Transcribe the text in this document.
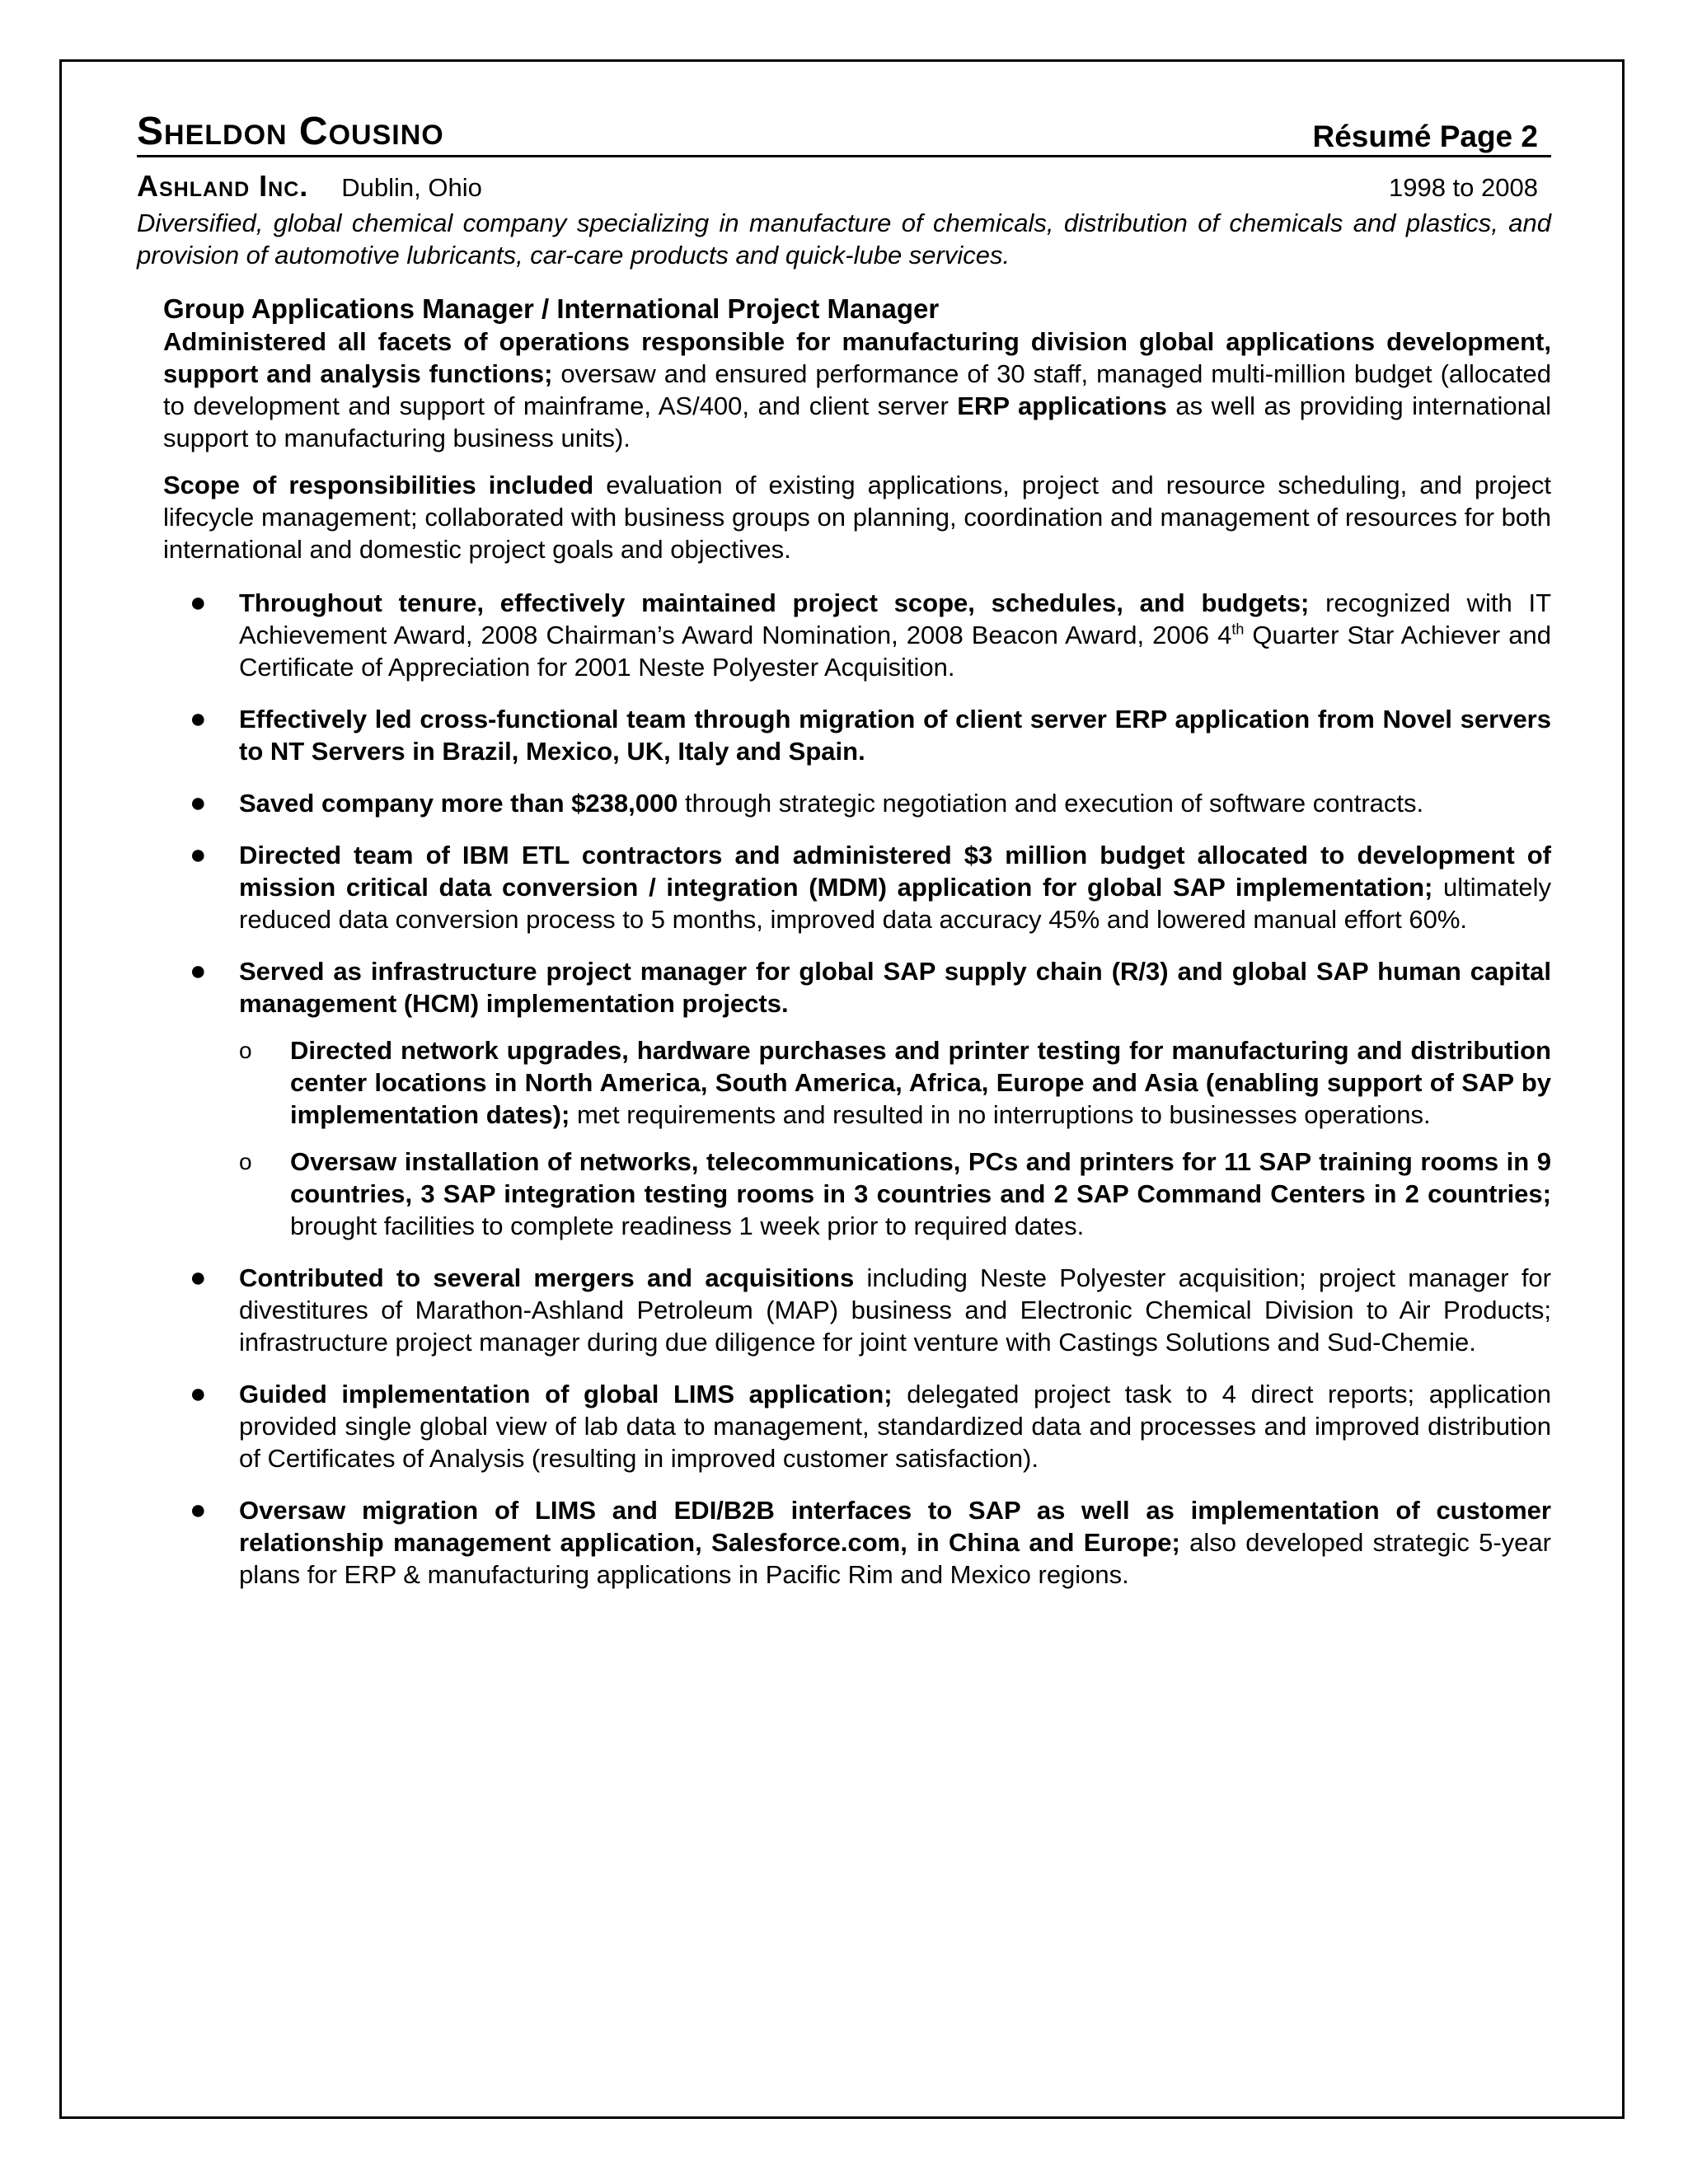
Sheldon Cousino	Résumé Page 2
Ashland Inc. Dublin, Ohio	1998 to 2008
Diversified, global chemical company specializing in manufacture of chemicals, distribution of chemicals and plastics, and provision of automotive lubricants, car-care products and quick-lube services.
Group Applications Manager / International Project Manager

Administered all facets of operations responsible for manufacturing division global applications development, support and analysis functions; oversaw and ensured performance of 30 staff, managed multi-million budget (allocated to development and support of mainframe, AS/400, and client server ERP applications as well as providing international support to manufacturing business units).

Scope of responsibilities included evaluation of existing applications, project and resource scheduling, and project lifecycle management; collaborated with business groups on planning, coordination and management of resources for both international and domestic project goals and objectives.

● Throughout tenure, effectively maintained project scope, schedules, and budgets; recognized with IT Achievement Award, 2008 Chairman’s Award Nomination, 2008 Beacon Award, 2006 4th Quarter Star Achiever and Certificate of Appreciation for 2001 Neste Polyester Acquisition.
● Effectively led cross-functional team through migration of client server ERP application from Novel servers to NT Servers in Brazil, Mexico, UK, Italy and Spain.
● Saved company more than $238,000 through strategic negotiation and execution of software contracts.
● Directed team of IBM ETL contractors and administered $3 million budget allocated to development of mission critical data conversion / integration (MDM) application for global SAP implementation; ultimately reduced data conversion process to 5 months, improved data accuracy 45% and lowered manual effort 60%.
● Served as infrastructure project manager for global SAP supply chain (R/3) and global SAP human capital management (HCM) implementation projects.
o Directed network upgrades, hardware purchases and printer testing for manufacturing and distribution center locations in North America, South America, Africa, Europe and Asia (enabling support of SAP by implementation dates); met requirements and resulted in no interruptions to businesses operations.
o Oversaw installation of networks, telecommunications, PCs and printers for 11 SAP training rooms in 9 countries, 3 SAP integration testing rooms in 3 countries and 2 SAP Command Centers in 2 countries; brought facilities to complete readiness 1 week prior to required dates.
● Contributed to several mergers and acquisitions including Neste Polyester acquisition; project manager for divestitures of Marathon-Ashland Petroleum (MAP) business and Electronic Chemical Division to Air Products; infrastructure project manager during due diligence for joint venture with Castings Solutions and Sud-Chemie.
● Guided implementation of global LIMS application; delegated project task to 4 direct reports; application provided single global view of lab data to management, standardized data and processes and improved distribution of Certificates of Analysis (resulting in improved customer satisfaction).
● Oversaw migration of LIMS and EDI/B2B interfaces to SAP as well as implementation of customer relationship management application, Salesforce.com, in China and Europe; also developed strategic 5-year plans for ERP & manufacturing applications in Pacific Rim and Mexico regions.
